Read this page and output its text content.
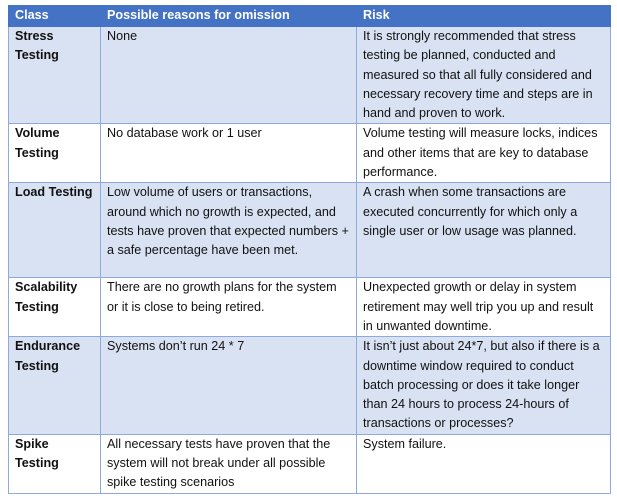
Class	Possible reasons for omission	Risk
Stress Testing	None	It is strongly recommended that stress testing be planned, conducted and measured so that all fully considered and necessary recovery time and steps are in hand and proven to work.
Volume Testing	No database work or 1 user	Volume testing will measure locks, indices and other items that are key to database performance.
Load Testing	Low volume of users or transactions, around which no growth is expected, and tests have proven that expected numbers + a safe percentage have been met.	A crash when some transactions are executed concurrently for which only a single user or low usage was planned.
Scalability Testing	There are no growth plans for the system or it is close to being retired.	Unexpected growth or delay in system retirement may well trip you up and result in unwanted downtime.
Endurance Testing	Systems don’t run 24 * 7	It isn’t just about 24*7, but also if there is a downtime window required to conduct batch processing or does it take longer than 24 hours to process 24-hours of transactions or processes?
Spike Testing	All necessary tests have proven that the system will not break under all possible spike testing scenarios	System failure.
